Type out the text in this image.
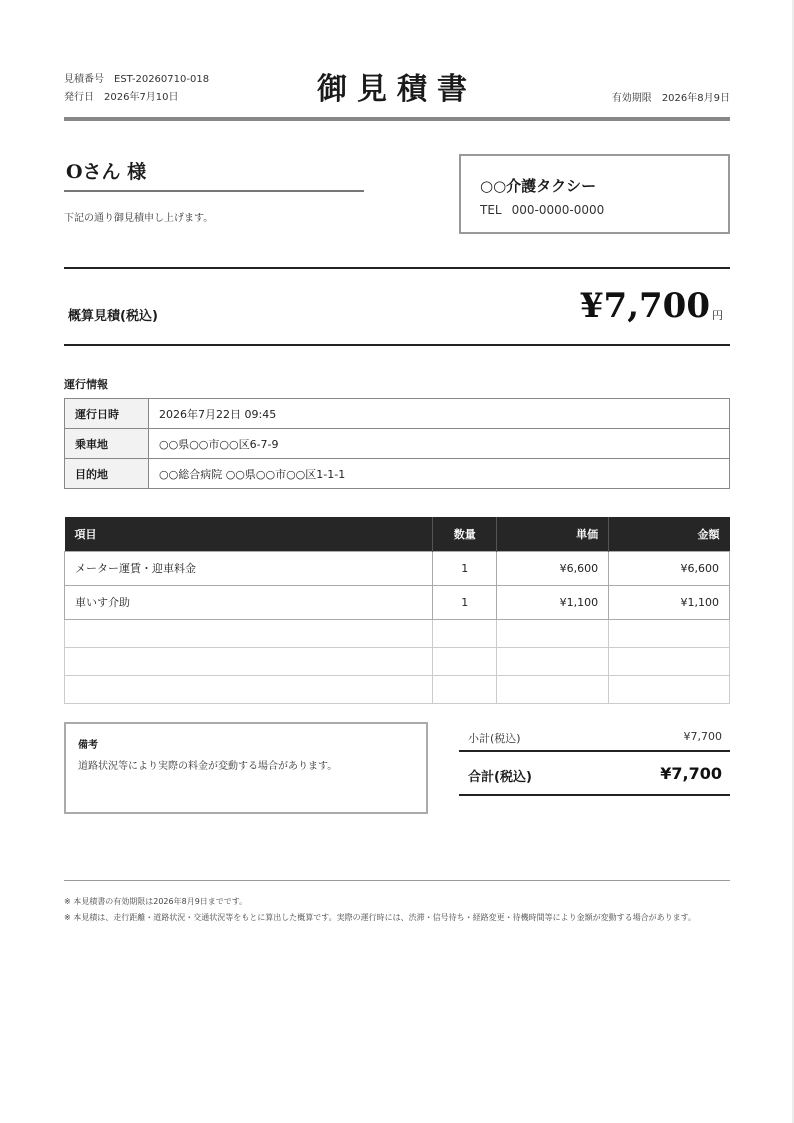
見積番号 EST-20260710-018
発行日 2026年7月10日	御見積書	有効期限 2026年8月9日
Oさん 様
下記の通り御見積申し上げます。
○○介護タクシー
TEL 000-0000-0000
概算見積(税込)	¥7,700 円
運行情報
運行日時	2026年7月22日 09:45
乗車地	○○県○○市○○区6-7-9
目的地	○○総合病院 ○○県○○市○○区1-1-1
項目	数量	単価	金額
メーター運賃・迎車料金	1	¥6,600	¥6,600
車いす介助	1	¥1,100	¥1,100

備考
道路状況等により実際の料金が変動する場合があります。
小計(税込)	¥7,700
合計(税込)	¥7,700
※ 本見積書の有効期限は2026年8月9日までです。
※ 本見積は、走行距離・道路状況・交通状況等をもとに算出した概算です。実際の運行時には、渋滞・信号待ち・経路変更・待機時間等により金額が変動する場合があります。
